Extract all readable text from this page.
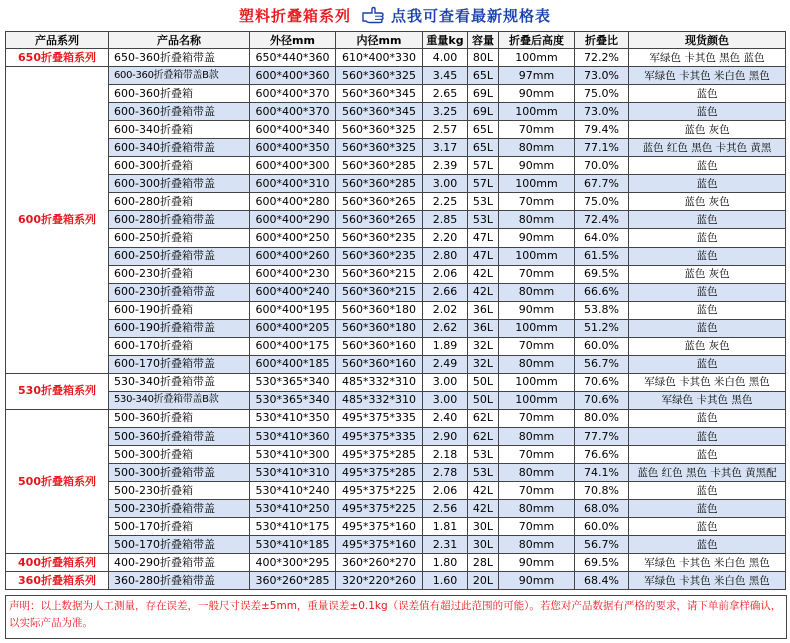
塑料折叠箱系列	点我可查看最新规格表
产品系列	产品名称	外径mm	内径mm	重量kg	容量	折叠后高度	折叠比	现货颜色
650折叠箱系列	650-360折叠箱带盖	650*440*360	610*400*330	4.00	80L	100mm	72.2%	军绿色 卡其色 黑色 蓝色
600折叠箱系列	600-360折叠箱带盖B款	600*400*360	560*360*325	3.45	65L	97mm	73.0%	军绿色 卡其色 米白色 黑色
	600-360折叠箱	600*400*370	560*360*345	2.65	69L	90mm	75.0%	蓝色
	600-360折叠箱带盖	600*400*370	560*360*345	3.25	69L	100mm	73.0%	蓝色
	600-340折叠箱	600*400*340	560*360*325	2.57	65L	70mm	79.4%	蓝色 灰色
	600-340折叠箱带盖	600*400*350	560*360*325	3.17	65L	80mm	77.1%	蓝色 红色 黑色 卡其色 黄黑
	600-300折叠箱	600*400*300	560*360*285	2.39	57L	90mm	70.0%	蓝色
	600-300折叠箱带盖	600*400*310	560*360*285	3.00	57L	100mm	67.7%	蓝色
	600-280折叠箱	600*400*280	560*360*265	2.25	53L	70mm	75.0%	蓝色 灰色
	600-280折叠箱带盖	600*400*290	560*360*265	2.85	53L	80mm	72.4%	蓝色
	600-250折叠箱	600*400*250	560*360*235	2.20	47L	90mm	64.0%	蓝色
	600-250折叠箱带盖	600*400*260	560*360*235	2.80	47L	100mm	61.5%	蓝色
	600-230折叠箱	600*400*230	560*360*215	2.06	42L	70mm	69.5%	蓝色 灰色
	600-230折叠箱带盖	600*400*240	560*360*215	2.66	42L	80mm	66.6%	蓝色
	600-190折叠箱	600*400*195	560*360*180	2.02	36L	90mm	53.8%	蓝色
	600-190折叠箱带盖	600*400*205	560*360*180	2.62	36L	100mm	51.2%	蓝色
	600-170折叠箱	600*400*175	560*360*160	1.89	32L	70mm	60.0%	蓝色 灰色
	600-170折叠箱带盖	600*400*185	560*360*160	2.49	32L	80mm	56.7%	蓝色
530折叠箱系列	530-340折叠箱带盖	530*365*340	485*332*310	3.00	50L	100mm	70.6%	军绿色 卡其色 米白色 黑色
	530-340折叠箱带盖B款	530*365*340	485*332*310	3.00	50L	100mm	70.6%	军绿色 卡其色 黑色
500折叠箱系列	500-360折叠箱	530*410*350	495*375*335	2.40	62L	70mm	80.0%	蓝色
	500-360折叠箱带盖	530*410*360	495*375*335	2.90	62L	80mm	77.7%	蓝色
	500-300折叠箱	530*410*300	495*375*285	2.18	53L	70mm	76.6%	蓝色
	500-300折叠箱带盖	530*410*310	495*375*285	2.78	53L	80mm	74.1%	蓝色 红色 黑色 卡其色 黄黑配
	500-230折叠箱	530*410*240	495*375*225	2.06	42L	70mm	70.8%	蓝色
	500-230折叠箱带盖	530*410*250	495*375*225	2.56	42L	80mm	68.0%	蓝色
	500-170折叠箱	530*410*175	495*375*160	1.81	30L	70mm	60.0%	蓝色
	500-170折叠箱带盖	530*410*185	495*375*160	2.31	30L	80mm	56.7%	蓝色
400折叠箱系列	400-290折叠箱带盖	400*300*295	360*260*270	1.80	28L	90mm	69.5%	军绿色 卡其色 米白色 黑色
360折叠箱系列	360-280折叠箱带盖	360*260*285	320*220*260	1.60	20L	90mm	68.4%	军绿色 卡其色 米白色 黑色
声明：以上数据为人工测量，存在误差，一般尺寸误差±5mm，重量误差±0.1kg（误差值有超过此范围的可能）。若您对产品数据有严格的要求，请下单前拿样确认，以实际产品为准。
